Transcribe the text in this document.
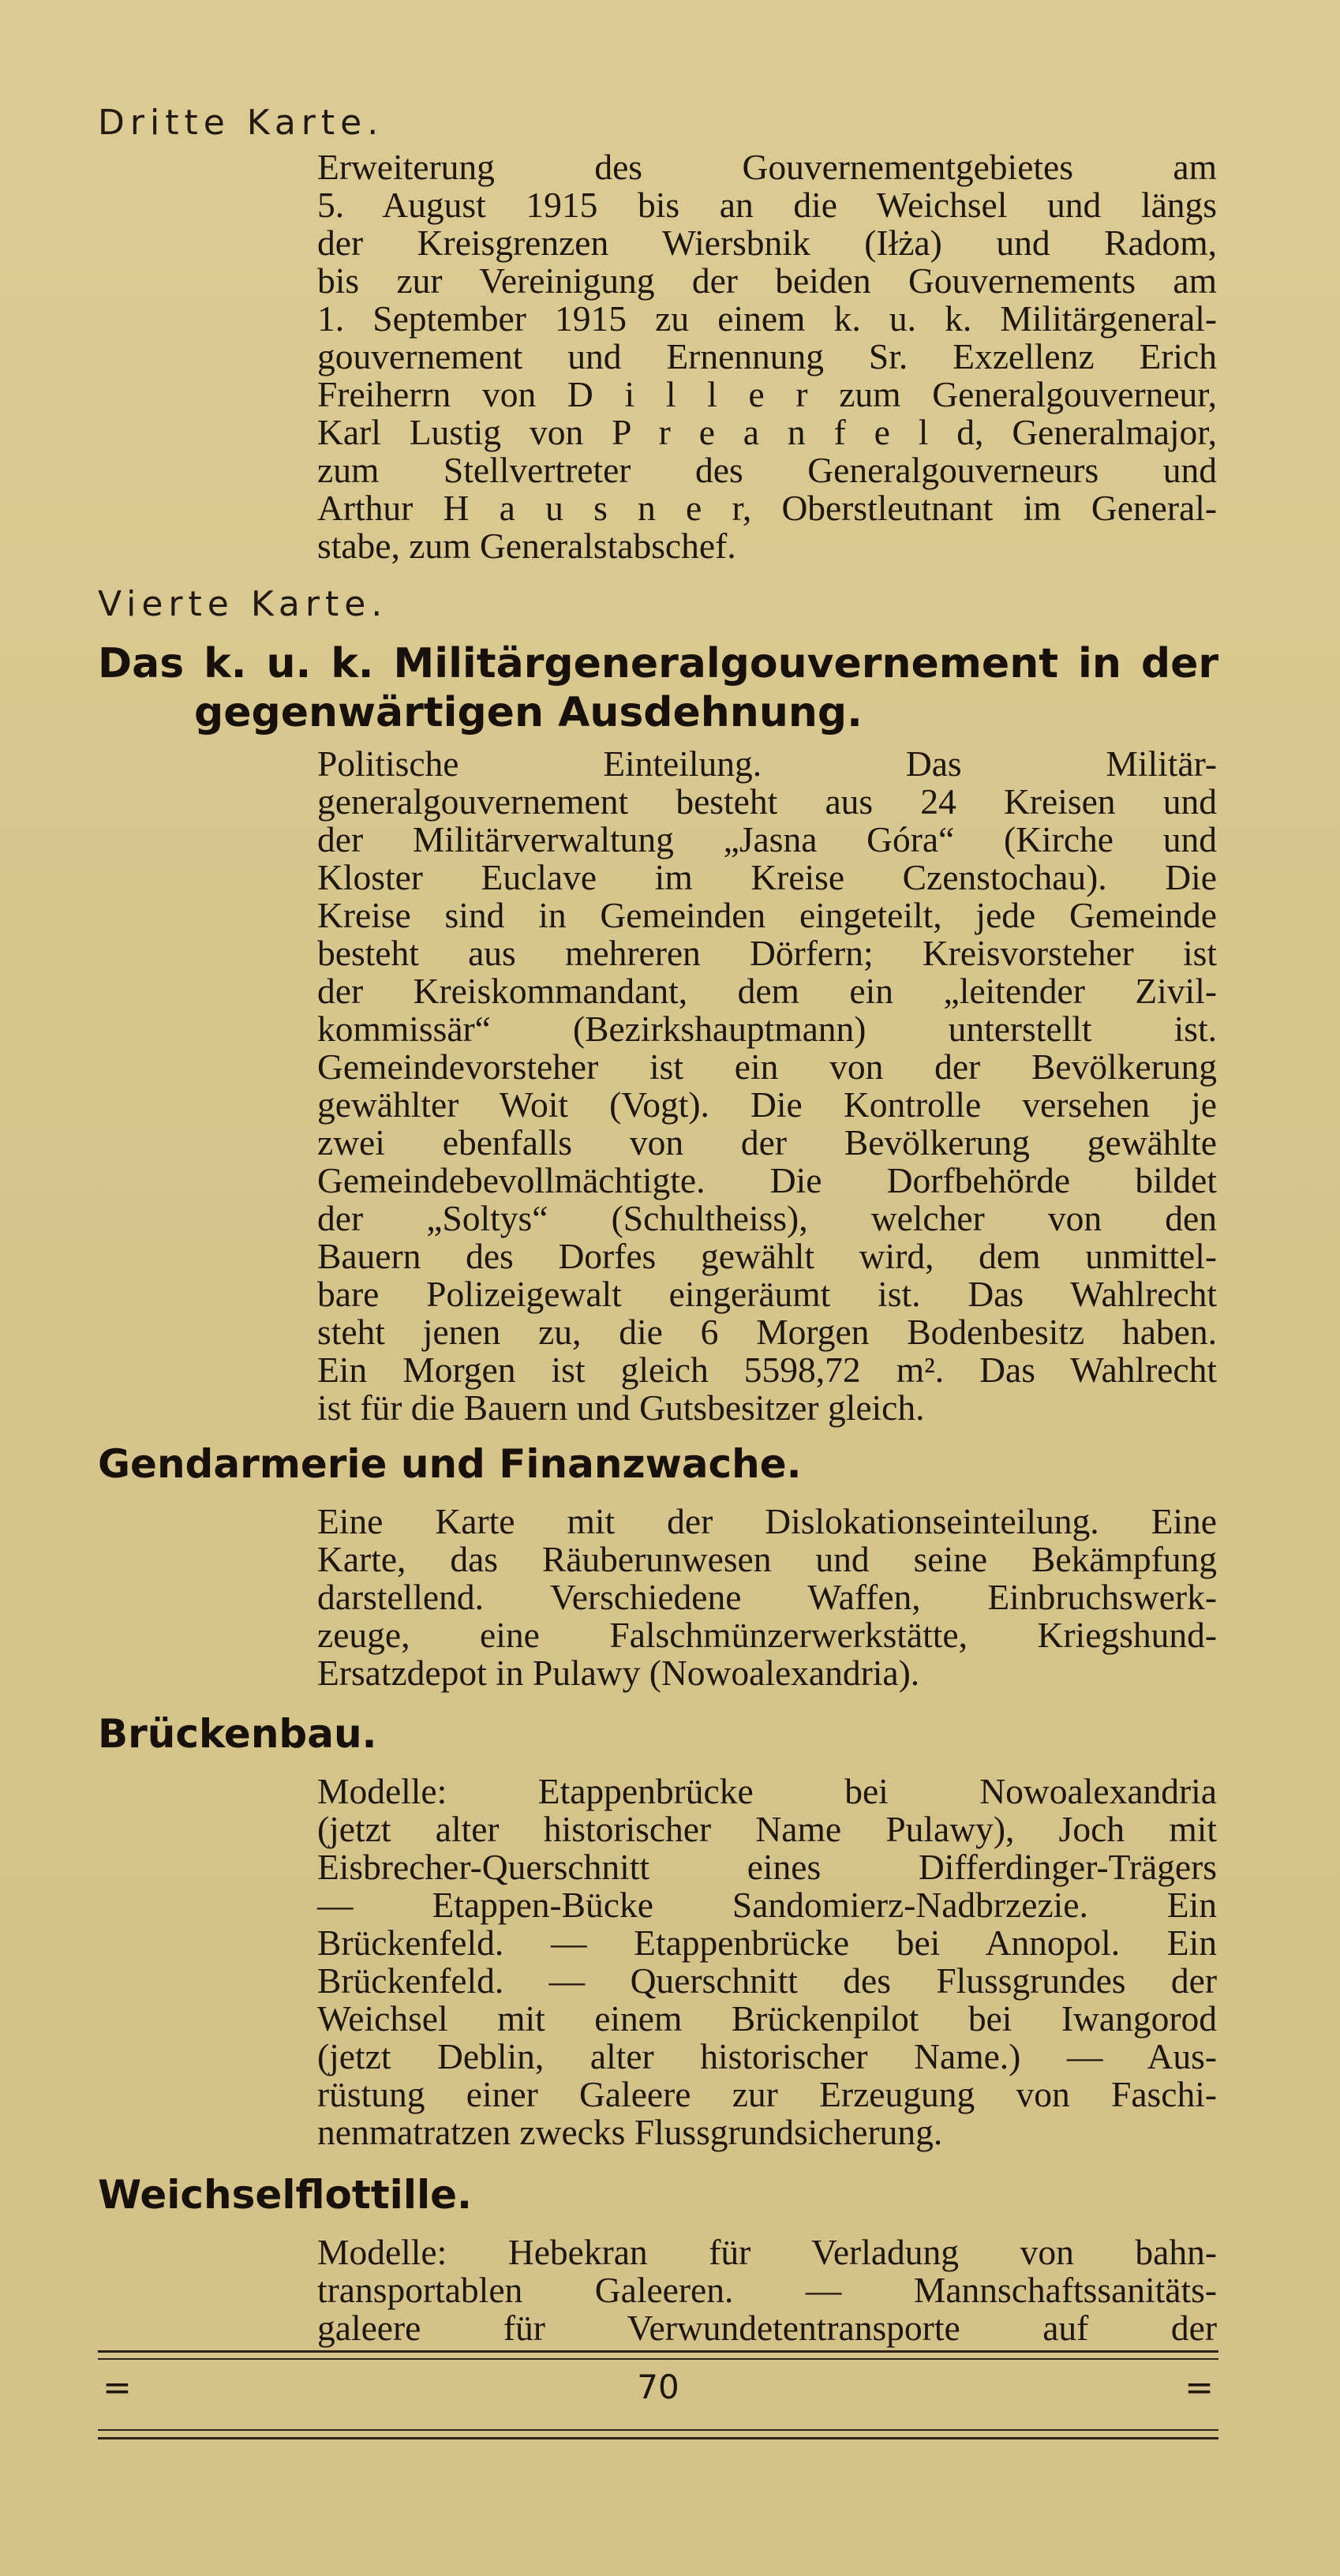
Dritte Karte.
Erweiterung des Gouvernementgebietes am
5. August 1915 bis an die Weichsel und längs
der Kreisgrenzen Wiersbnik (Iłża) und Radom,
bis zur Vereinigung der beiden Gouvernements am
1. September 1915 zu einem k. u. k. Militärgeneral-
gouvernement und Ernennung Sr. Exzellenz Erich
Freiherrn von D i l l e r zum Generalgouverneur,
Karl Lustig von P r e a n f e l d, Generalmajor,
zum Stellvertreter des Generalgouverneurs und
Arthur H a u s n e r, Oberstleutnant im General-
stabe, zum Generalstabschef.
Vierte Karte.
Das k. u. k. Militärgeneralgouvernement in der
gegenwärtigen Ausdehnung.
Politische Einteilung. Das Militär-
generalgouvernement besteht aus 24 Kreisen und
der Militärverwaltung „Jasna Góra“ (Kirche und
Kloster Euclave im Kreise Czenstochau). Die
Kreise sind in Gemeinden eingeteilt, jede Gemeinde
besteht aus mehreren Dörfern; Kreisvorsteher ist
der Kreiskommandant, dem ein „leitender Zivil-
kommissär“ (Bezirkshauptmann) unterstellt ist.
Gemeindevorsteher ist ein von der Bevölkerung
gewählter Woit (Vogt). Die Kontrolle versehen je
zwei ebenfalls von der Bevölkerung gewählte
Gemeindebevollmächtigte. Die Dorfbehörde bildet
der „Soltys“ (Schultheiss), welcher von den
Bauern des Dorfes gewählt wird, dem unmittel-
bare Polizeigewalt eingeräumt ist. Das Wahlrecht
steht jenen zu, die 6 Morgen Bodenbesitz haben.
Ein Morgen ist gleich 5598,72 m². Das Wahlrecht
ist für die Bauern und Gutsbesitzer gleich.
Gendarmerie und Finanzwache.
Eine Karte mit der Dislokationseinteilung. Eine
Karte, das Räuberunwesen und seine Bekämpfung
darstellend. Verschiedene Waffen, Einbruchswerk-
zeuge, eine Falschmünzerwerkstätte, Kriegshund-
Ersatzdepot in Pulawy (Nowoalexandria).
Brückenbau.
Modelle: Etappenbrücke bei Nowoalexandria
(jetzt alter historischer Name Pulawy), Joch mit
Eisbrecher-Querschnitt eines Differdinger-Trägers
— Etappen-Bücke Sandomierz-Nadbrzezie. Ein
Brückenfeld. — Etappenbrücke bei Annopol. Ein
Brückenfeld. — Querschnitt des Flussgrundes der
Weichsel mit einem Brückenpilot bei Iwangorod
(jetzt Deblin, alter historischer Name.) — Aus-
rüstung einer Galeere zur Erzeugung von Faschi-
nenmatratzen zwecks Flussgrundsicherung.
Weichselflottille.
Modelle: Hebekran für Verladung von bahn-
transportablen Galeeren. — Mannschaftssanitäts-
galeere für Verwundetentransporte auf der
=	70	=
